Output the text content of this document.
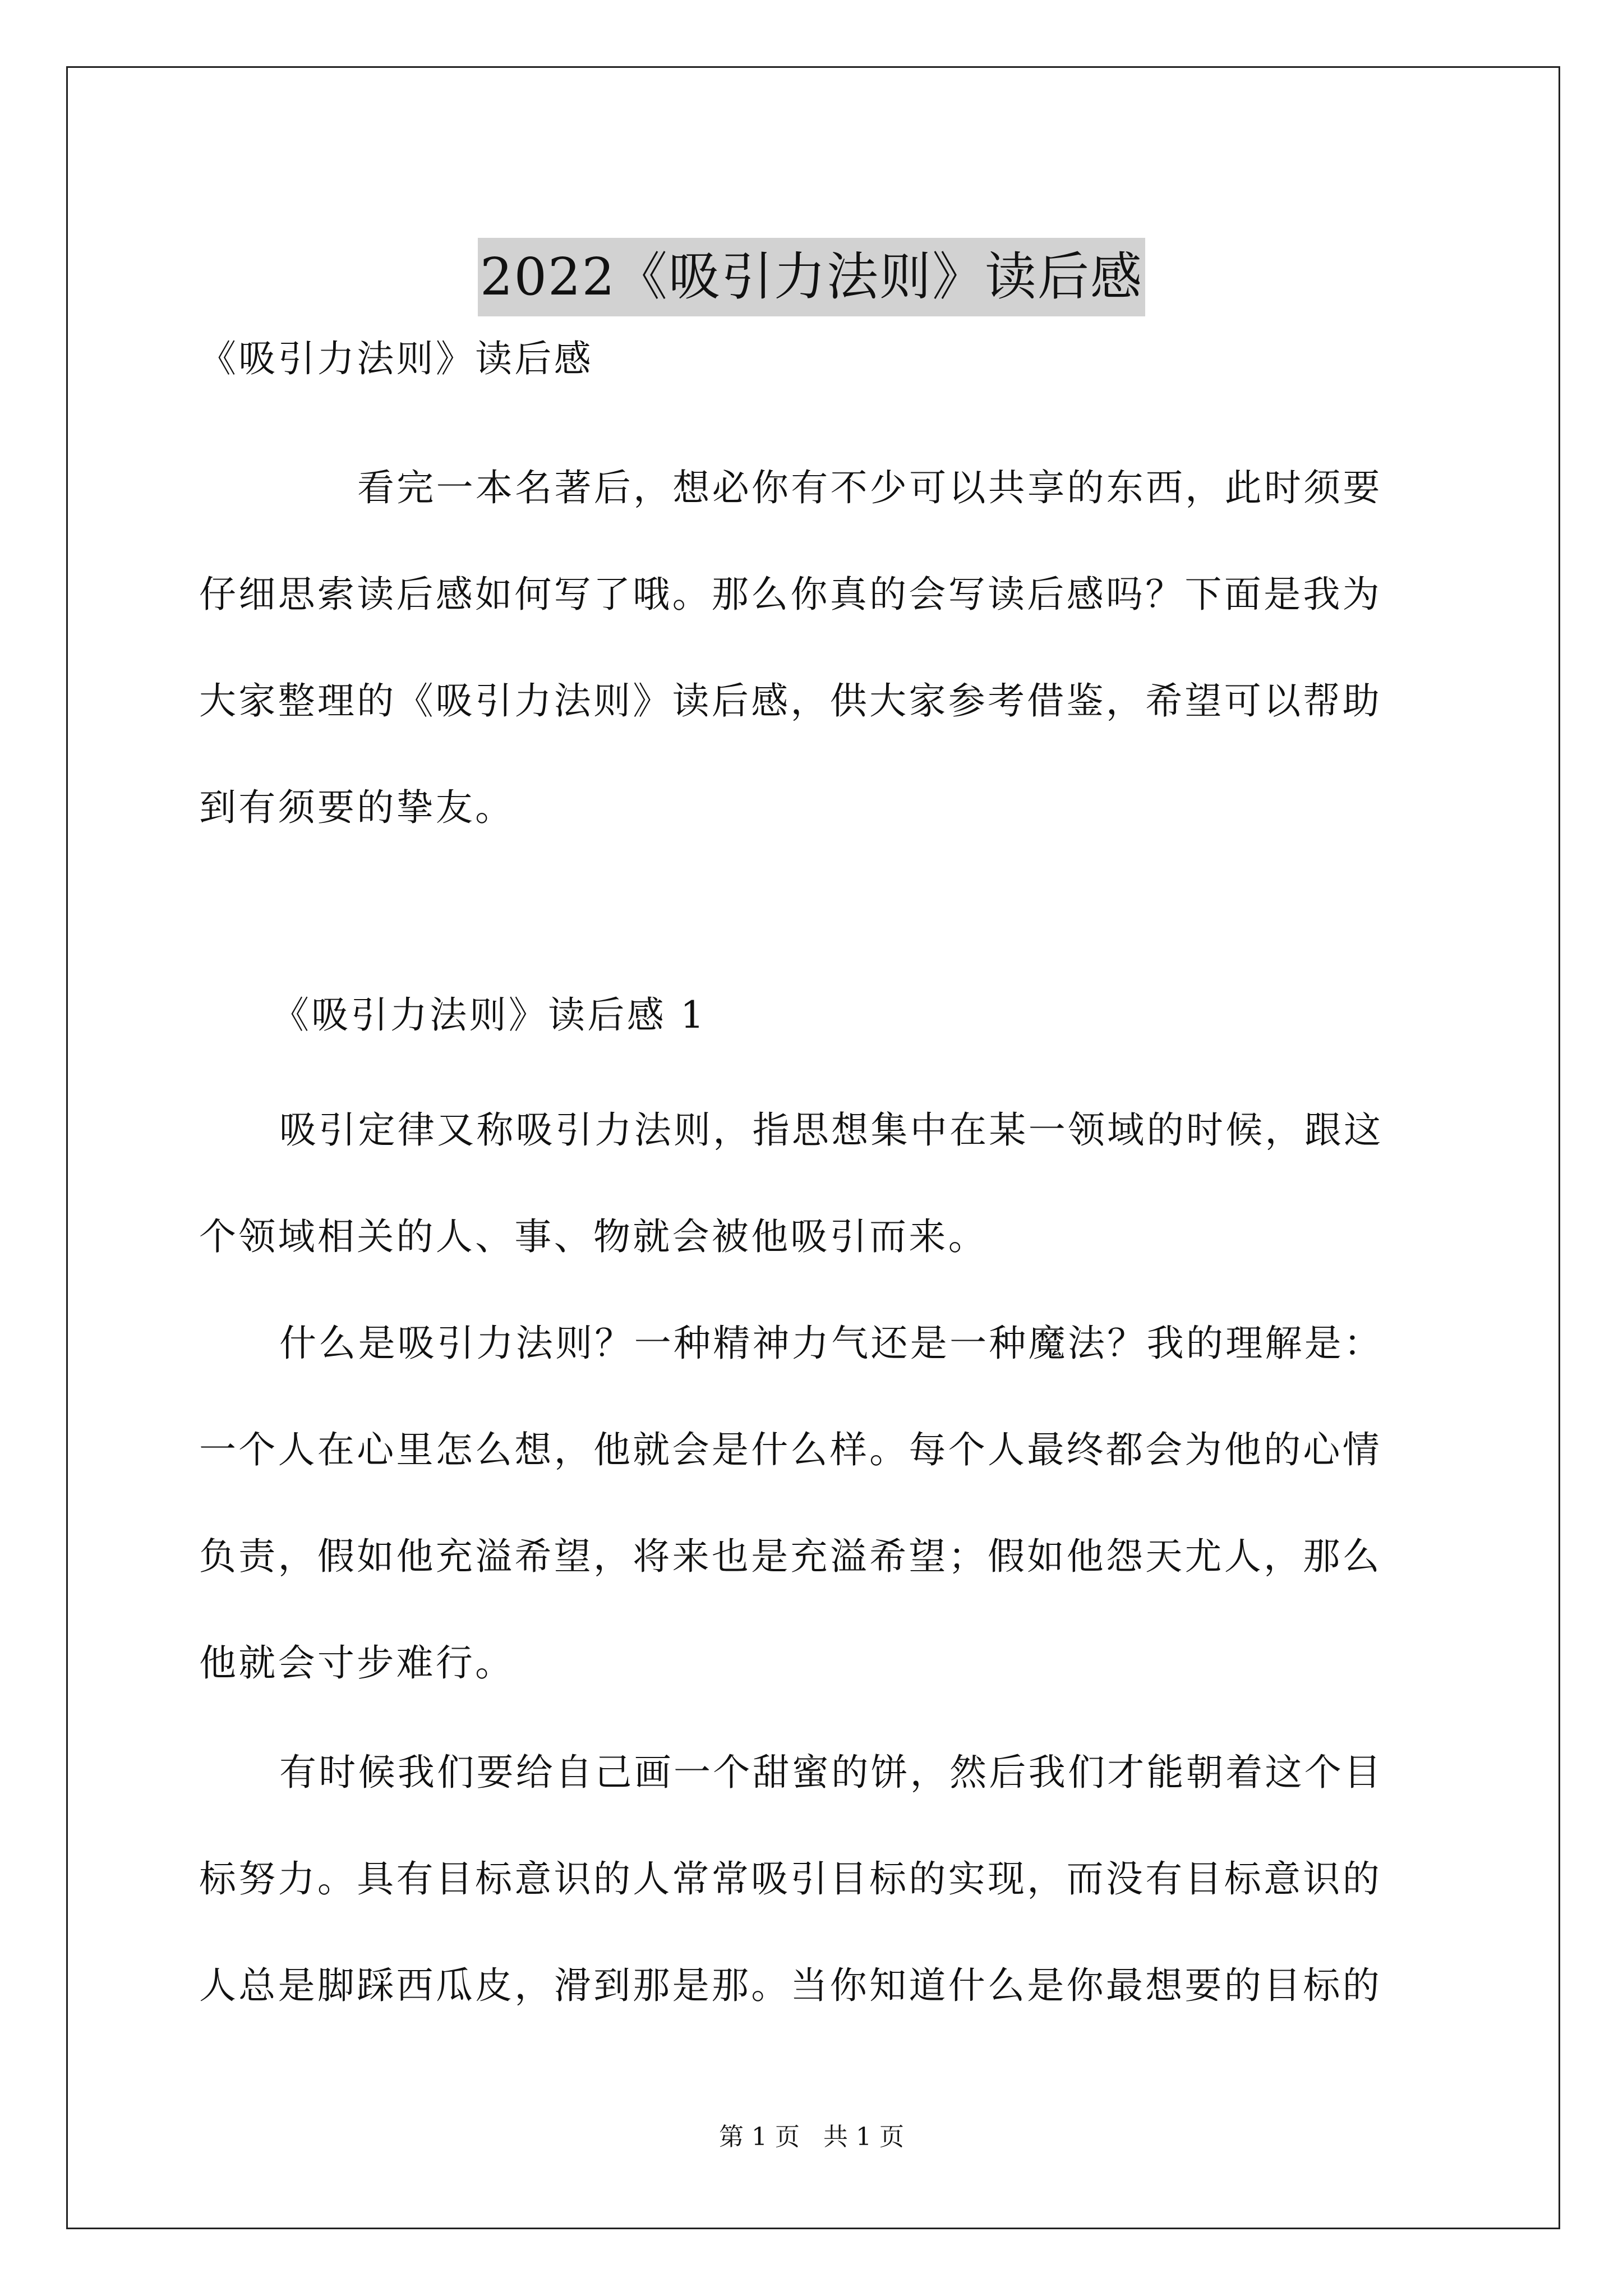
2022《吸引力法则》读后感
《吸引力法则》读后感
看完一本名著后，想必你有不少可以共享的东西，此时须要
仔细思索读后感如何写了哦。那么你真的会写读后感吗？下面是我为
大家整理的《吸引力法则》读后感，供大家参考借鉴，希望可以帮助
到有须要的挚友。
《吸引力法则》读后感 1
吸引定律又称吸引力法则，指思想集中在某一领域的时候，跟这
个领域相关的人、事、物就会被他吸引而来。
什么是吸引力法则？一种精神力气还是一种魔法？我的理解是：
一个人在心里怎么想，他就会是什么样。每个人最终都会为他的心情
负责，假如他充溢希望，将来也是充溢希望；假如他怨天尤人，那么
他就会寸步难行。
有时候我们要给自己画一个甜蜜的饼，然后我们才能朝着这个目
标努力。具有目标意识的人常常吸引目标的实现，而没有目标意识的
人总是脚踩西瓜皮，滑到那是那。当你知道什么是你最想要的目标的
第 1 页 共 1 页
